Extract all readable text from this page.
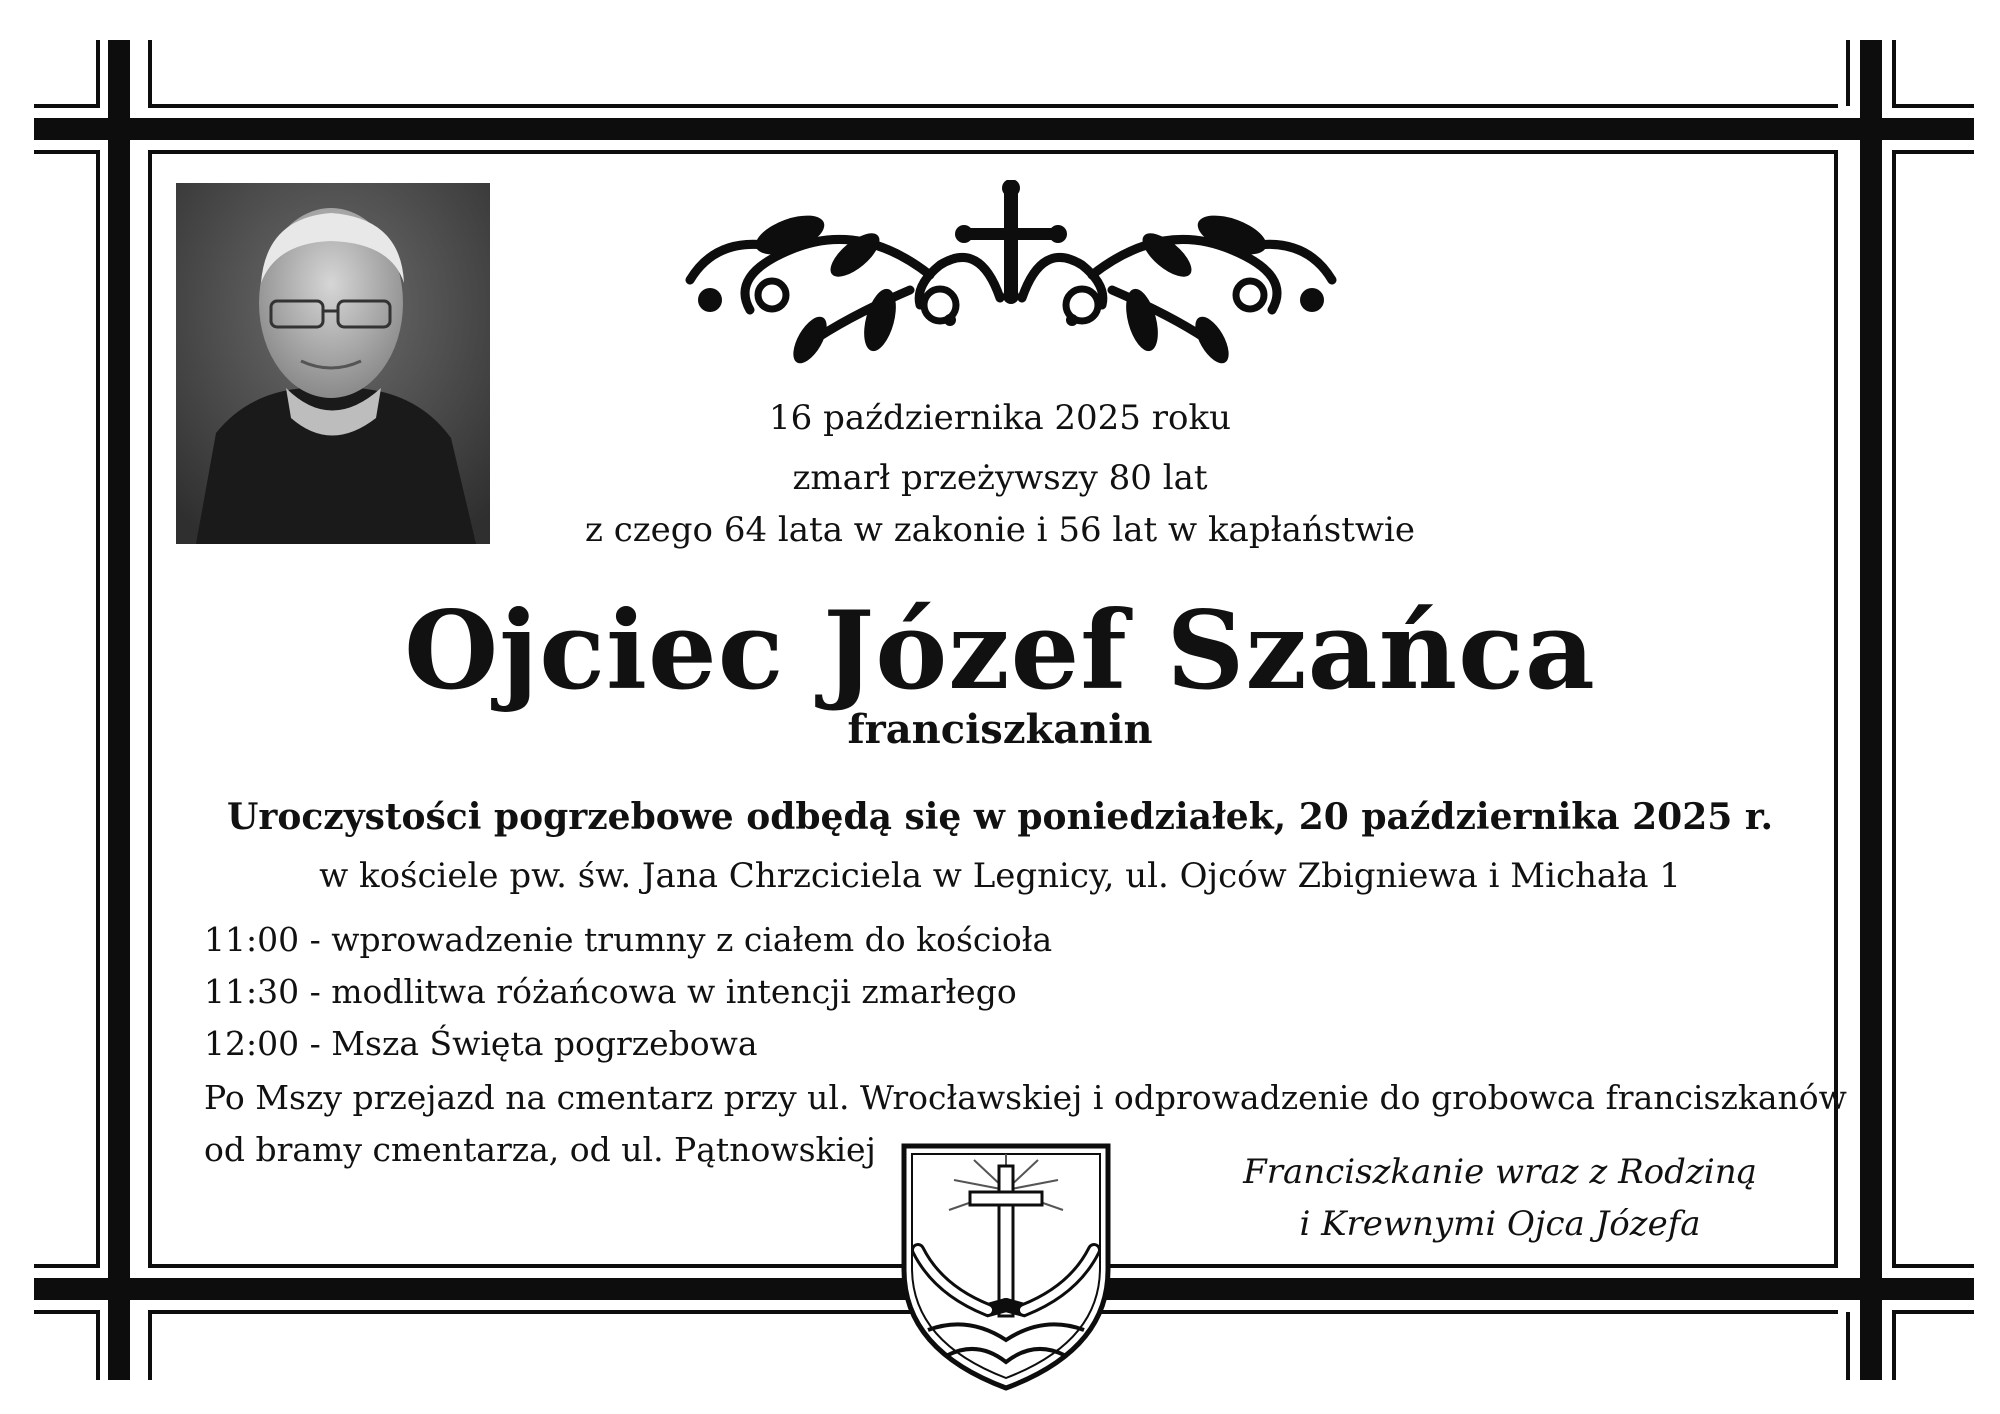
16 października 2025 roku
zmarł przeżywszy 80 lat
z czego 64 lata w zakonie i 56 lat w kapłaństwie
Ojciec Józef Szańca
franciszkanin
Uroczystości pogrzebowe odbędą się w poniedziałek, 20 października 2025 r.
w kościele pw. św. Jana Chrzciciela w Legnicy, ul. Ojców Zbigniewa i Michała 1
11:00 - wprowadzenie trumny z ciałem do kościoła
11:30 - modlitwa różańcowa w intencji zmarłego
12:00 - Msza Święta pogrzebowa
Po Mszy przejazd na cmentarz przy ul. Wrocławskiej i odprowadzenie do grobowca franciszkanów
od bramy cmentarza, od ul. Pątnowskiej
Franciszkanie wraz z Rodziną
i Krewnymi Ojca Józefa
